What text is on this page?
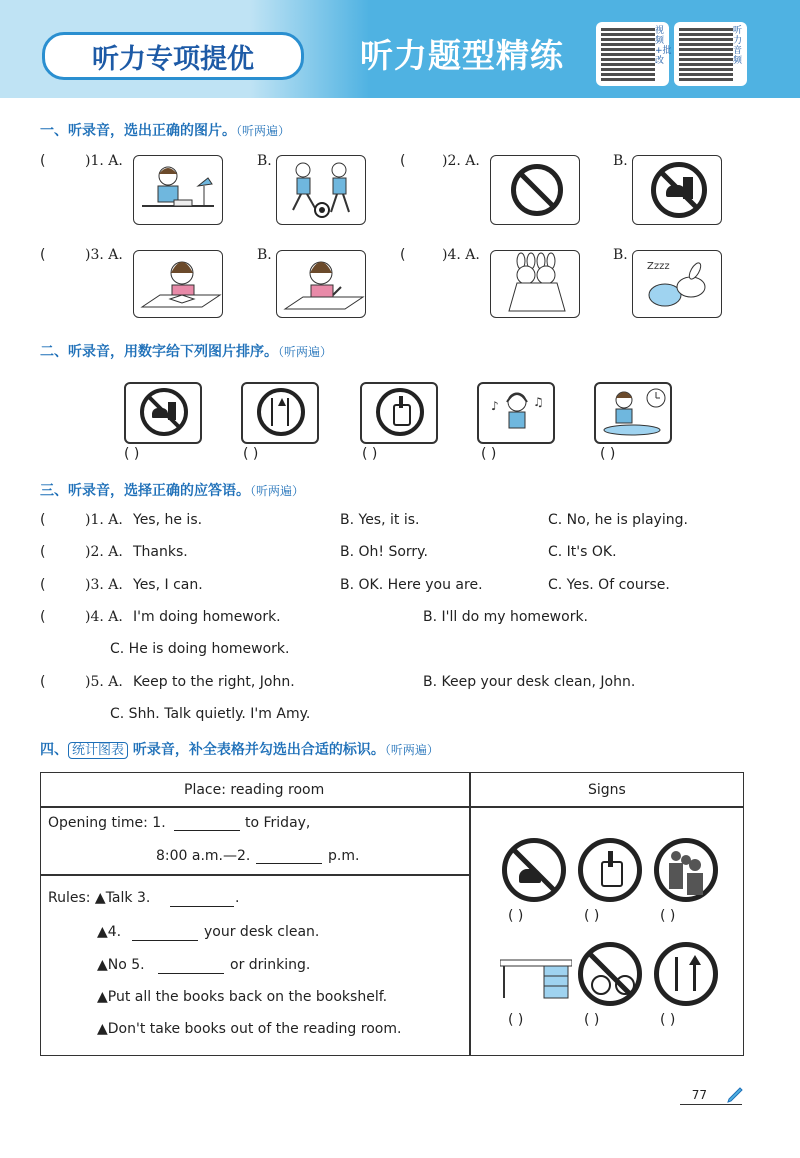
听力专项提优	听力题型精练
视频+批改
听力音频
一、听录音，选出正确的图片。（听两遍）
(	)1. A.	B.	(	)2. A.	B.
(	)3. A.	B.	(	)4. A.	B.
Zzzz
二、听录音，用数字给下列图片排序。（听两遍）
♪	♫
( )	( )	( )	( )	( )
三、听录音，选择正确的应答语。（听两遍）
(	)1. A. Yes, he is.	B. Yes, it is.	C. No, he is playing.
(	)2. A. Thanks.	B. Oh! Sorry.	C. It's OK.
(	)3. A. Yes, I can.	B. OK. Here you are.	C. Yes. Of course.
(	)4. A. I'm doing homework.	B. I'll do my homework.
C. He is doing homework.
(	)5. A. Keep to the right, John.	B. Keep your desk clean, John.
C. Shh. Talk quietly. I'm Amy.
四、 统计图表 听录音，补全表格并勾选出合适的标识。（听两遍）
Place: reading room	Signs
Opening time: 1.	to Friday,
8:00 a.m.—2.	p.m.
Rules: ▲Talk 3.	.
▲4.	your desk clean.
▲No 5.	or drinking.
▲Put all the books back on the bookshelf.
▲Don't take books out of the reading room.
( )	( )	( )
( )	( )	( )
77
